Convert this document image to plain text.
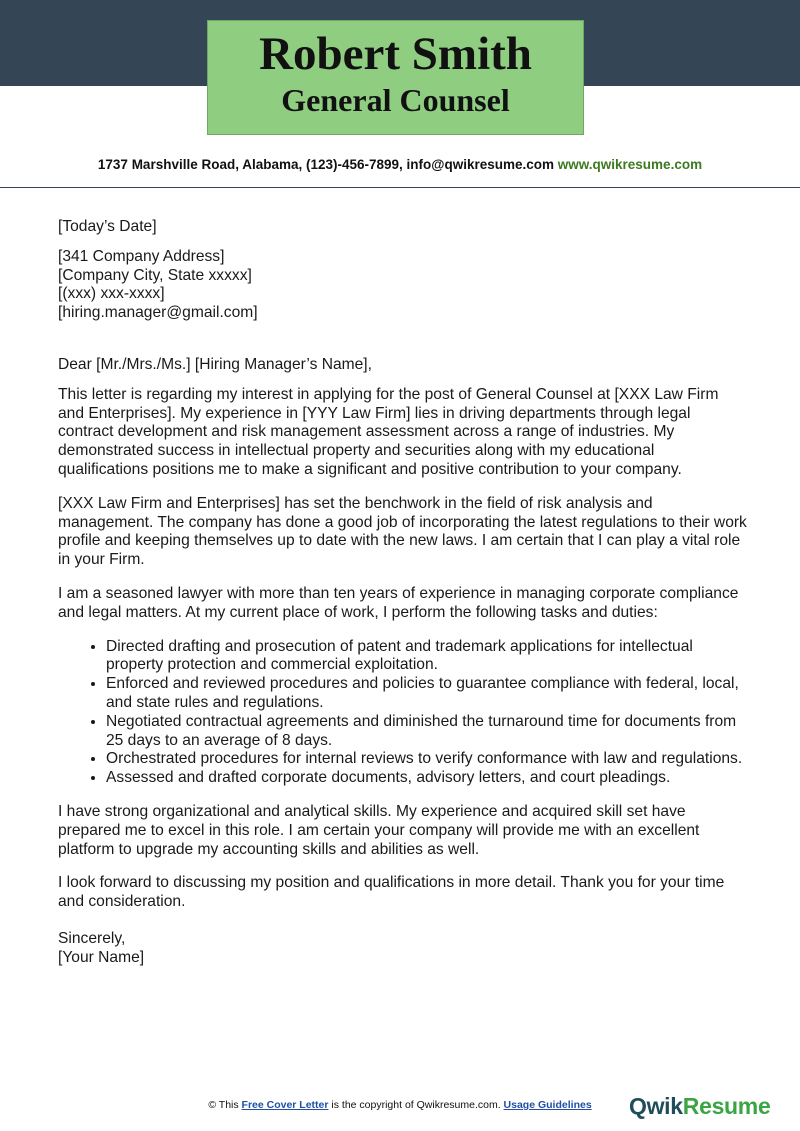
Robert Smith
General Counsel
1737 Marshville Road, Alabama, (123)-456-7899, info@qwikresume.com www.qwikresume.com

[Today’s Date]

[341 Company Address]

[Company City, State xxxxx]

[(xxx) xxx-xxxx]

[hiring.manager@gmail.com]

Dear [Mr./Mrs./Ms.] [Hiring Manager’s Name],

This letter is regarding my interest in applying for the post of General Counsel at [XXX Law Firm and Enterprises]. My experience in [YYY Law Firm] lies in driving departments through legal contract development and risk management assessment across a range of industries. My demonstrated success in intellectual property and securities along with my educational qualifications positions me to make a significant and positive contribution to your company.

[XXX Law Firm and Enterprises] has set the benchwork in the field of risk analysis and management. The company has done a good job of incorporating the latest regulations to their work profile and keeping themselves up to date with the new laws. I am certain that I can play a vital role in your Firm.

I am a seasoned lawyer with more than ten years of experience in managing corporate compliance and legal matters. At my current place of work, I perform the following tasks and duties:

• Directed drafting and prosecution of patent and trademark applications for intellectual property protection and commercial exploitation.
• Enforced and reviewed procedures and policies to guarantee compliance with federal, local, and state rules and regulations.
• Negotiated contractual agreements and diminished the turnaround time for documents from 25 days to an average of 8 days.
• Orchestrated procedures for internal reviews to verify conformance with law and regulations.
• Assessed and drafted corporate documents, advisory letters, and court pleadings.

I have strong organizational and analytical skills. My experience and acquired skill set have prepared me to excel in this role. I am certain your company will provide me with an excellent platform to upgrade my accounting skills and abilities as well.

I look forward to discussing my position and qualifications in more detail. Thank you for your time and consideration.

Sincerely,

[Your Name]

© This Free Cover Letter is the copyright of Qwikresume.com. Usage Guidelines	QwikResume
